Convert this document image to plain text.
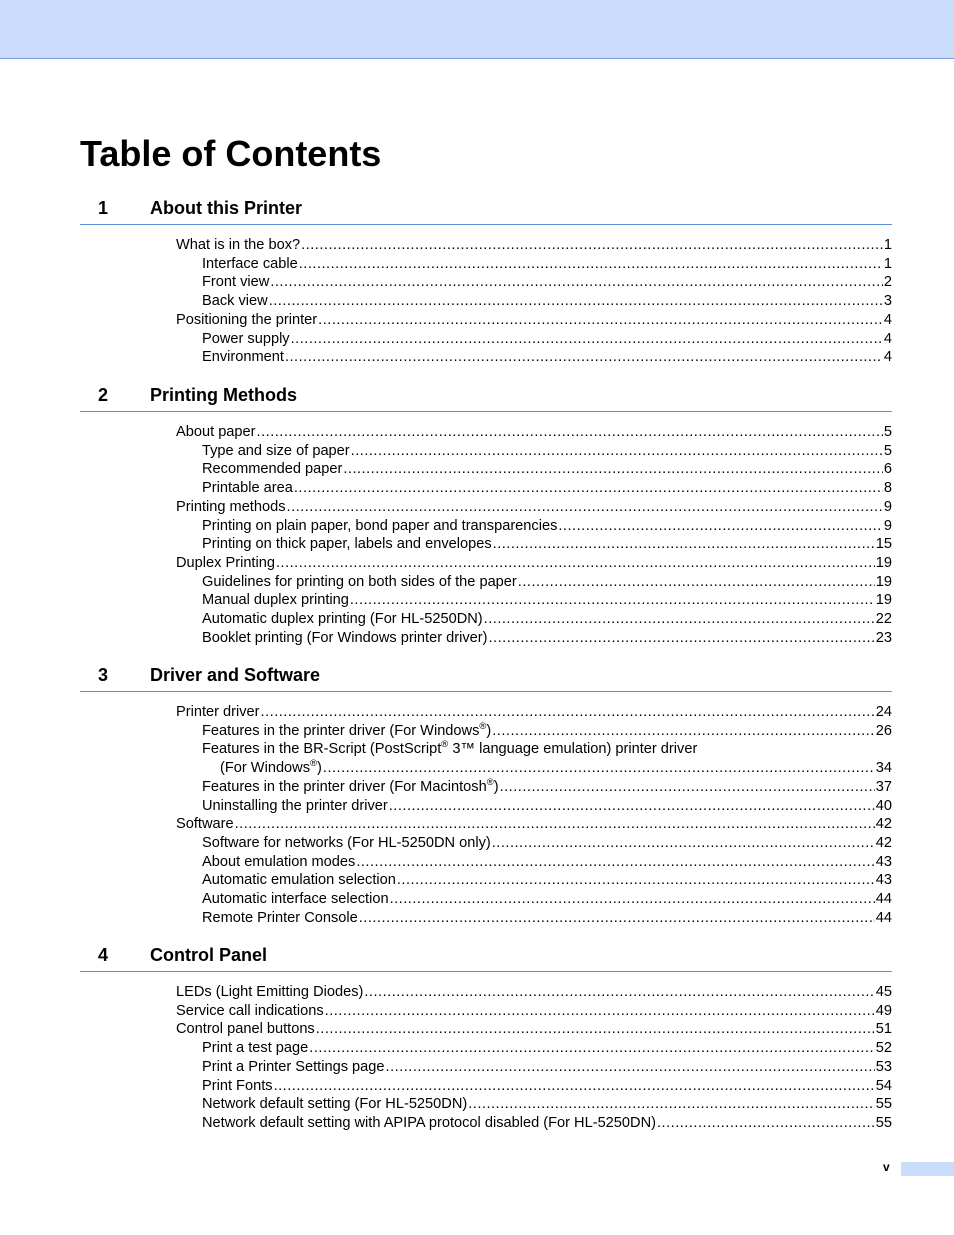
Table of Contents
1 About this Printer
What is in the box? .....	1
Interface cable .....	1
Front view .....	2
Back view .....	3
Positioning the printer .....	4
Power supply .....	4
Environment .....	4
2 Printing Methods
About paper .....	5
Type and size of paper .....	5
Recommended paper .....	6
Printable area .....	8
Printing methods .....	9
Printing on plain paper, bond paper and transparencies .....	9
Printing on thick paper, labels and envelopes .....	15
Duplex Printing .....	19
Guidelines for printing on both sides of the paper .....	19
Manual duplex printing .....	19
Automatic duplex printing (For HL-5250DN) .....	22
Booklet printing (For Windows printer driver) .....	23
3 Driver and Software
Printer driver .....	24
Features in the printer driver (For Windows®) .....	26
Features in the BR-Script (PostScript® 3™ language emulation) printer driver
(For Windows®) .....	34
Features in the printer driver (For Macintosh®) .....	37
Uninstalling the printer driver .....	40
Software .....	42
Software for networks (For HL-5250DN only) .....	42
About emulation modes .....	43
Automatic emulation selection .....	43
Automatic interface selection .....	44
Remote Printer Console .....	44
4 Control Panel
LEDs (Light Emitting Diodes) .....	45
Service call indications .....	49
Control panel buttons .....	51
Print a test page .....	52
Print a Printer Settings page .....	53
Print Fonts .....	54
Network default setting (For HL-5250DN) .....	55
Network default setting with APIPA protocol disabled (For HL-5250DN) .....	55
v
